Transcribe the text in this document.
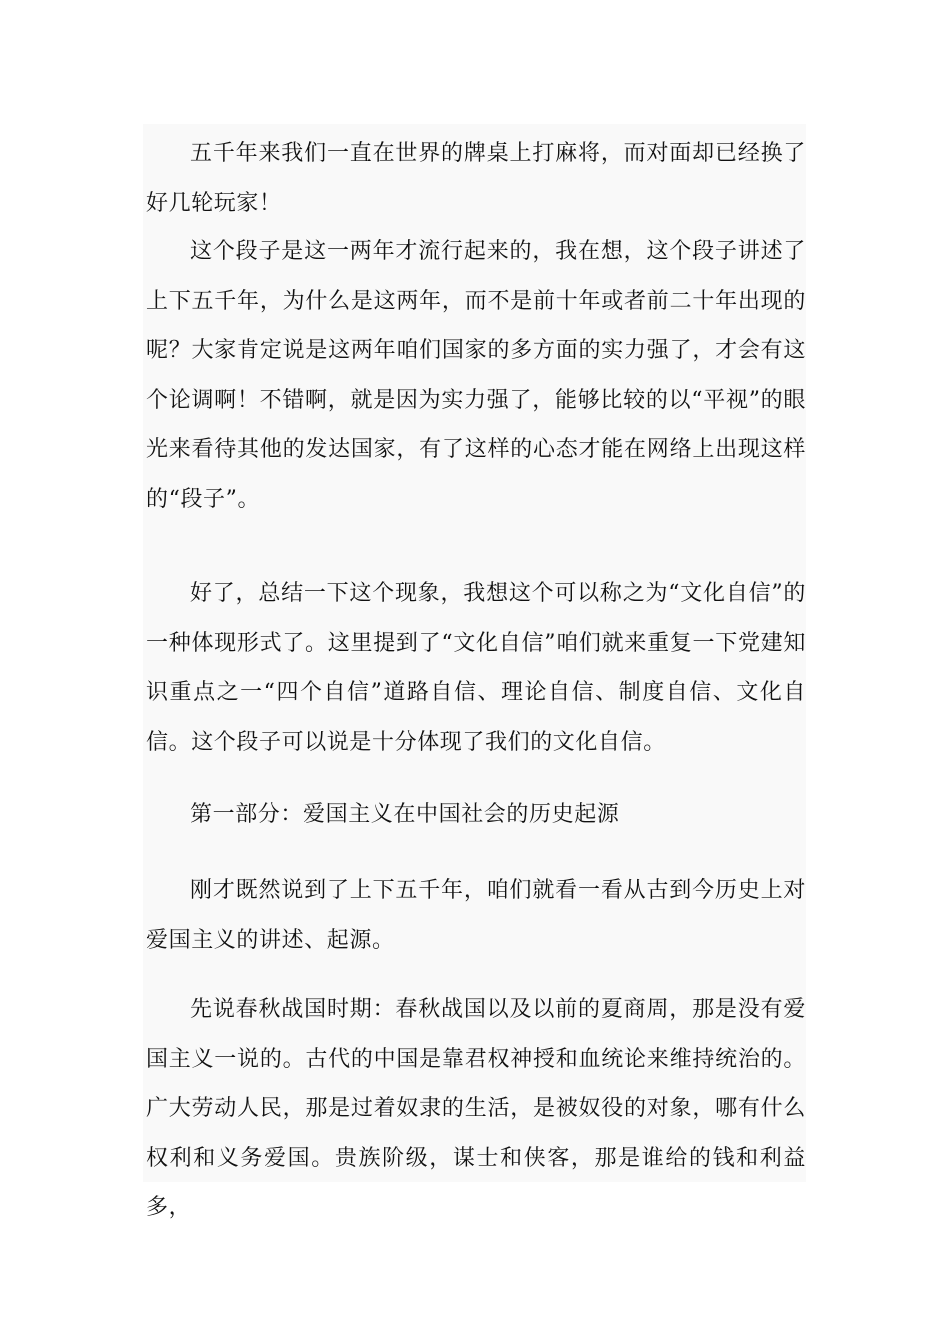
五千年来我们一直在世界的牌桌上打麻将，而对面却已经换了好几轮玩家！

这个段子是这一两年才流行起来的，我在想，这个段子讲述了上下五千年，为什么是这两年，而不是前十年或者前二十年出现的呢？大家肯定说是这两年咱们国家的多方面的实力强了，才会有这个论调啊！不错啊，就是因为实力强了，能够比较的以“平视”的眼光来看待其他的发达国家，有了这样的心态才能在网络上出现这样的“段子”。

好了，总结一下这个现象，我想这个可以称之为“文化自信”的一种体现形式了。这里提到了“文化自信”咱们就来重复一下党建知识重点之一“四个自信”道路自信、理论自信、制度自信、文化自信。这个段子可以说是十分体现了我们的文化自信。

第一部分：爱国主义在中国社会的历史起源

刚才既然说到了上下五千年，咱们就看一看从古到今历史上对爱国主义的讲述、起源。

先说春秋战国时期：春秋战国以及以前的夏商周，那是没有爱国主义一说的。古代的中国是靠君权神授和血统论来维持统治的。广大劳动人民，那是过着奴隶的生活，是被奴役的对象，哪有什么权利和义务爱国。贵族阶级，谋士和侠客，那是谁给的钱和利益多，
